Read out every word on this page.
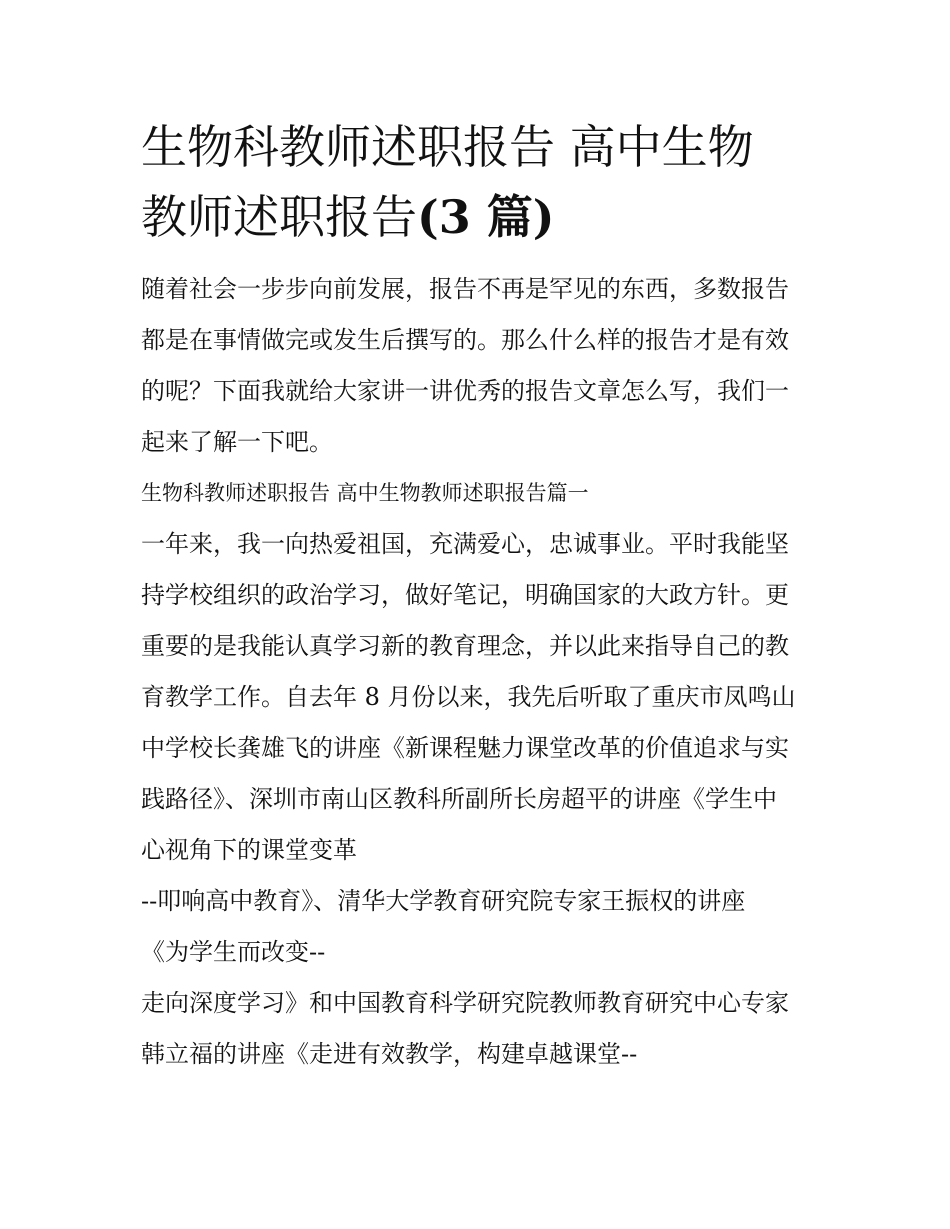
生物科教师述职报告 高中生物
教师述职报告(3 篇)
随着社会一步步向前发展，报告不再是罕见的东西，多数报告
都是在事情做完或发生后撰写的。那么什么样的报告才是有效
的呢？下面我就给大家讲一讲优秀的报告文章怎么写，我们一
起来了解一下吧。
生物科教师述职报告 高中生物教师述职报告篇一
一年来，我一向热爱祖国，充满爱心，忠诚事业。平时我能坚
持学校组织的政治学习，做好笔记，明确国家的大政方针。更
重要的是我能认真学习新的教育理念，并以此来指导自己的教
育教学工作。自去年 8 月份以来，我先后听取了重庆市凤鸣山
中学校长龚雄飞的讲座《新课程魅力课堂改革的价值追求与实
践路径》、深圳市南山区教科所副所长房超平的讲座《学生中
心视角下的课堂变革
--叩响高中教育》、清华大学教育研究院专家王振权的讲座
《为学生而改变--
走向深度学习》和中国教育科学研究院教师教育研究中心专家
韩立福的讲座《走进有效教学，构建卓越课堂--
